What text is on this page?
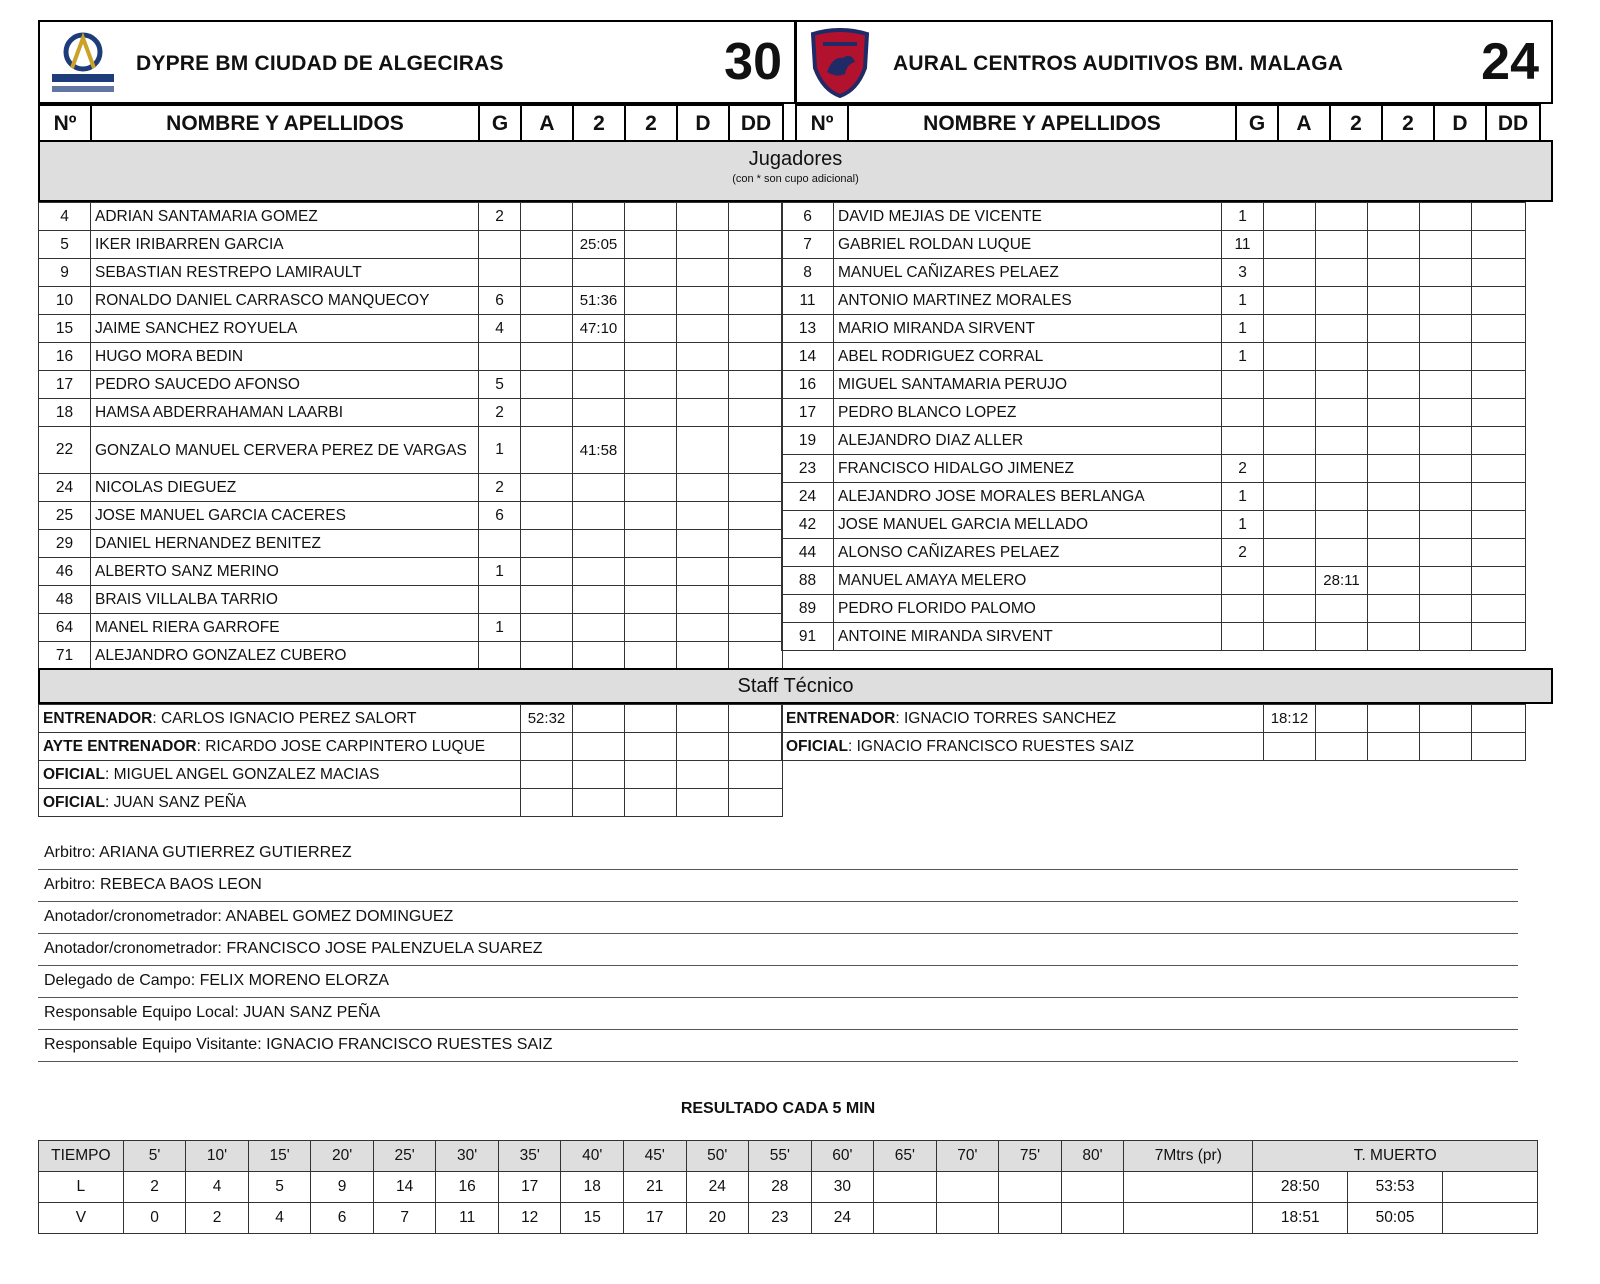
DYPRE BM CIUDAD DE ALGECIRAS	30	AURAL CENTROS AUDITIVOS BM. MALAGA	24
Nº	NOMBRE Y APELLIDOS	G	A	2	2	D	DD Nº	NOMBRE Y APELLIDOS	G	A	2	2	D	DD
Jugadores
(con * son cupo adicional)
4	ADRIAN SANTAMARIA GOMEZ	2					
5	IKER IRIBARREN GARCIA			25:05			
9	SEBASTIAN RESTREPO LAMIRAULT						
10	RONALDO DANIEL CARRASCO MANQUECOY	6		51:36			
15	JAIME SANCHEZ ROYUELA	4		47:10			
16	HUGO MORA BEDIN						
17	PEDRO SAUCEDO AFONSO	5					
18	HAMSA ABDERRAHAMAN LAARBI	2					
22	GONZALO MANUEL CERVERA PEREZ DE VARGAS	1		41:58			
24	NICOLAS DIEGUEZ	2					
25	JOSE MANUEL GARCIA CACERES	6					
29	DANIEL HERNANDEZ BENITEZ						
46	ALBERTO SANZ MERINO	1					
48	BRAIS VILLALBA TARRIO						
64	MANEL RIERA GARROFE	1					
71	ALEJANDRO GONZALEZ CUBERO						
6	DAVID MEJIAS DE VICENTE	1					
7	GABRIEL ROLDAN LUQUE	11					
8	MANUEL CAÑIZARES PELAEZ	3					
11	ANTONIO MARTINEZ MORALES	1					
13	MARIO MIRANDA SIRVENT	1					
14	ABEL RODRIGUEZ CORRAL	1					
16	MIGUEL SANTAMARIA PERUJO						
17	PEDRO BLANCO LOPEZ						
19	ALEJANDRO DIAZ ALLER						
23	FRANCISCO HIDALGO JIMENEZ	2					
24	ALEJANDRO JOSE MORALES BERLANGA	1					
42	JOSE MANUEL GARCIA MELLADO	1					
44	ALONSO CAÑIZARES PELAEZ	2					
88	MANUEL AMAYA MELERO			28:11			
89	PEDRO FLORIDO PALOMO						
91	ANTOINE MIRANDA SIRVENT						
Staff Técnico
ENTRENADOR: CARLOS IGNACIO PEREZ SALORT	52:32				
AYTE ENTRENADOR: RICARDO JOSE CARPINTERO LUQUE					
OFICIAL: MIGUEL ANGEL GONZALEZ MACIAS					
OFICIAL: JUAN SANZ PEÑA					
ENTRENADOR: IGNACIO TORRES SANCHEZ	18:12				
OFICIAL: IGNACIO FRANCISCO RUESTES SAIZ					
Arbitro: ARIANA GUTIERREZ GUTIERREZ
Arbitro: REBECA BAOS LEON
Anotador/cronometrador: ANABEL GOMEZ DOMINGUEZ
Anotador/cronometrador: FRANCISCO JOSE PALENZUELA SUAREZ
Delegado de Campo: FELIX MORENO ELORZA
Responsable Equipo Local: JUAN SANZ PEÑA
Responsable Equipo Visitante: IGNACIO FRANCISCO RUESTES SAIZ
RESULTADO CADA 5 MIN
TIEMPO	5'	10'	15'	20'	25'	30'	35'	40'	45'	50'	55'	60'	65'	70'	75'	80'	7Mtrs (pr)	T. MUERTO		
L	2	4	5	9	14	16	17	18	21	24	28	30						28:50	53:53	
V	0	2	4	6	7	11	12	15	17	20	23	24						18:51	50:05	
